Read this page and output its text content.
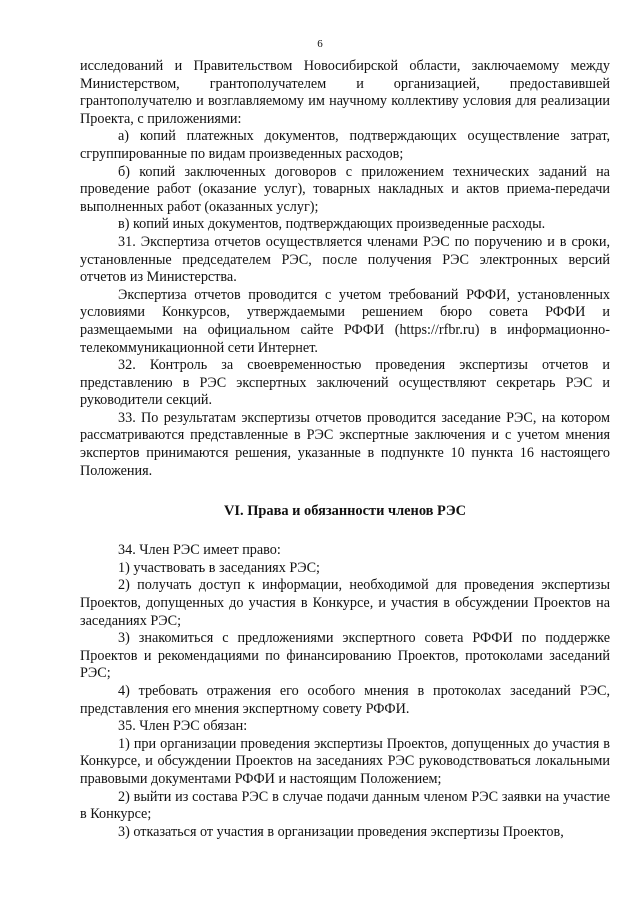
6

исследований и Правительством Новосибирской области, заключаемому между Министерством, грантополучателем и организацией, предоставившей грантополучателю и возглавляемому им научному коллективу условия для реализации Проекта, с приложениями:

а) копий платежных документов, подтверждающих осуществление затрат, сгруппированные по видам произведенных расходов;

б) копий заключенных договоров с приложением технических заданий на проведение работ (оказание услуг), товарных накладных и актов приема-передачи выполненных работ (оказанных услуг);

в) копий иных документов, подтверждающих произведенные расходы.

31. Экспертиза отчетов осуществляется членами РЭС по поручению и в сроки, установленные председателем РЭС, после получения РЭС электронных версий отчетов из Министерства.

Экспертиза отчетов проводится с учетом требований РФФИ, установленных условиями Конкурсов, утверждаемыми решением бюро совета РФФИ и размещаемыми на официальном сайте РФФИ (https://rfbr.ru) в информационно-телекоммуникационной сети Интернет.

32. Контроль за своевременностью проведения экспертизы отчетов и представлению в РЭС экспертных заключений осуществляют секретарь РЭС и руководители секций.

33. По результатам экспертизы отчетов проводится заседание РЭС, на котором рассматриваются представленные в РЭС экспертные заключения и с учетом мнения экспертов принимаются решения, указанные в подпункте 10 пункта 16 настоящего Положения.

VI. Права и обязанности членов РЭС

34. Член РЭС имеет право:

1) участвовать в заседаниях РЭС;

2) получать доступ к информации, необходимой для проведения экспертизы Проектов, допущенных до участия в Конкурсе, и участия в обсуждении Проектов на заседаниях РЭС;

3) знакомиться с предложениями экспертного совета РФФИ по поддержке Проектов и рекомендациями по финансированию Проектов, протоколами заседаний РЭС;

4) требовать отражения его особого мнения в протоколах заседаний РЭС, представления его мнения экспертному совету РФФИ.

35. Член РЭС обязан:

1) при организации проведения экспертизы Проектов, допущенных до участия в Конкурсе, и обсуждении Проектов на заседаниях РЭС руководствоваться локальными правовыми документами РФФИ и настоящим Положением;

2) выйти из состава РЭС в случае подачи данным членом РЭС заявки на участие в Конкурсе;

3) отказаться от участия в организации проведения экспертизы Проектов,
